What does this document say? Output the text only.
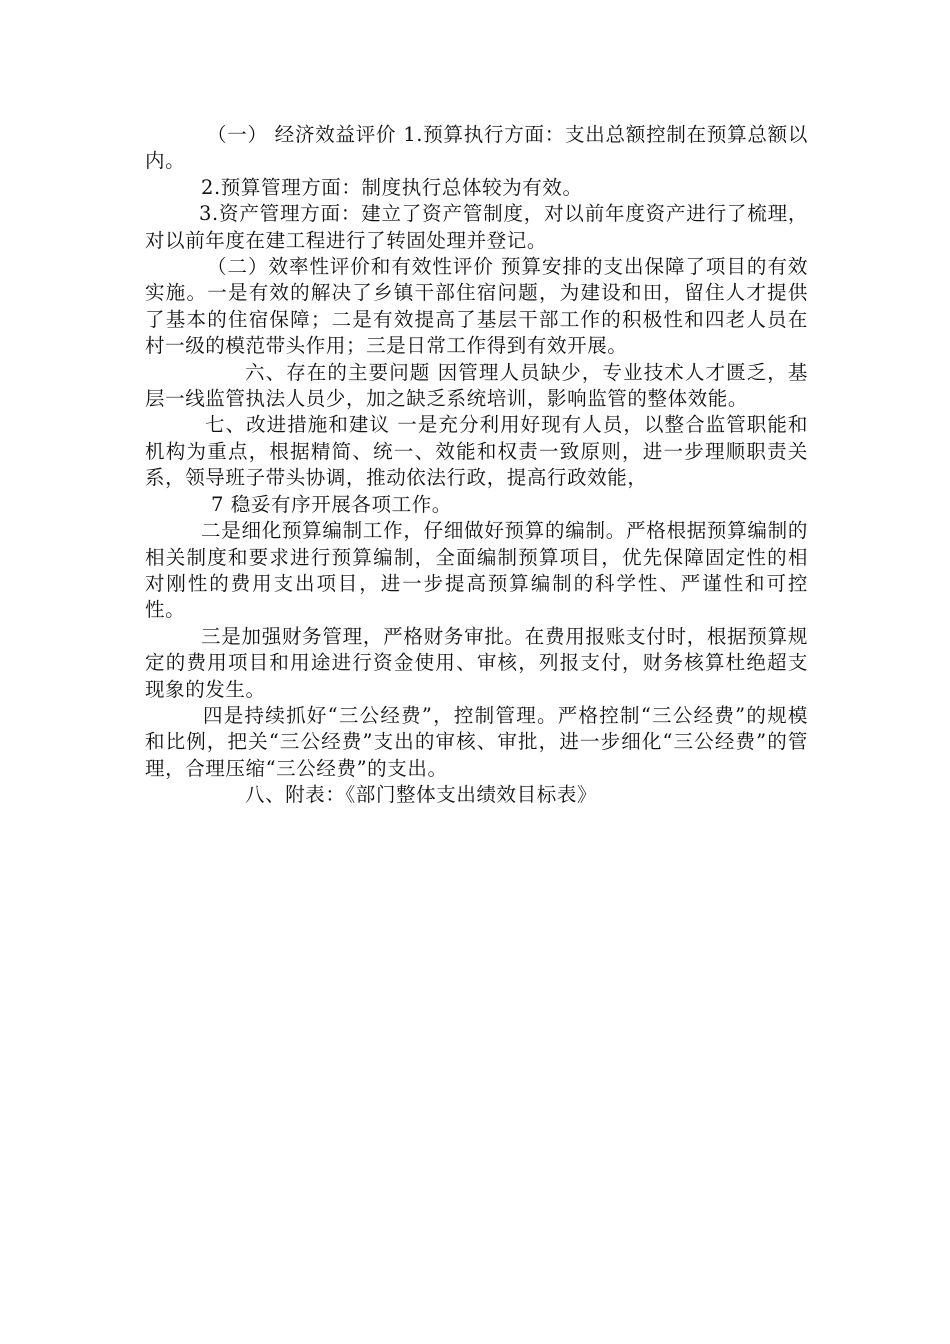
（一） 经济效益评价 1.预算执行方面：支出总额控制在预算总额以内。

2.预算管理方面：制度执行总体较为有效。

3.资产管理方面：建立了资产管制度，对以前年度资产进行了梳理，对以前年度在建工程进行了转固处理并登记。

（二）效率性评价和有效性评价 预算安排的支出保障了项目的有效实施。一是有效的解决了乡镇干部住宿问题，为建设和田，留住人才提供了基本的住宿保障；二是有效提高了基层干部工作的积极性和四老人员在村一级的模范带头作用；三是日常工作得到有效开展。

六、存在的主要问题 因管理人员缺少，专业技术人才匮乏，基层一线监管执法人员少，加之缺乏系统培训，影响监管的整体效能。

七、改进措施和建议 一是充分利用好现有人员，以整合监管职能和机构为重点，根据精简、统一、效能和权责一致原则，进一步理顺职责关系，领导班子带头协调，推动依法行政，提高行政效能，

7 稳妥有序开展各项工作。

二是细化预算编制工作，仔细做好预算的编制。严格根据预算编制的相关制度和要求进行预算编制，全面编制预算项目，优先保障固定性的相对刚性的费用支出项目，进一步提高预算编制的科学性、严谨性和可控性。

三是加强财务管理，严格财务审批。在费用报账支付时，根据预算规定的费用项目和用途进行资金使用、审核，列报支付，财务核算杜绝超支现象的发生。

四是持续抓好“三公经费”，控制管理。严格控制“三公经费”的规模和比例，把关“三公经费”支出的审核、审批，进一步细化“三公经费”的管理，合理压缩“三公经费”的支出。

八、附表：《部门整体支出绩效目标表》
